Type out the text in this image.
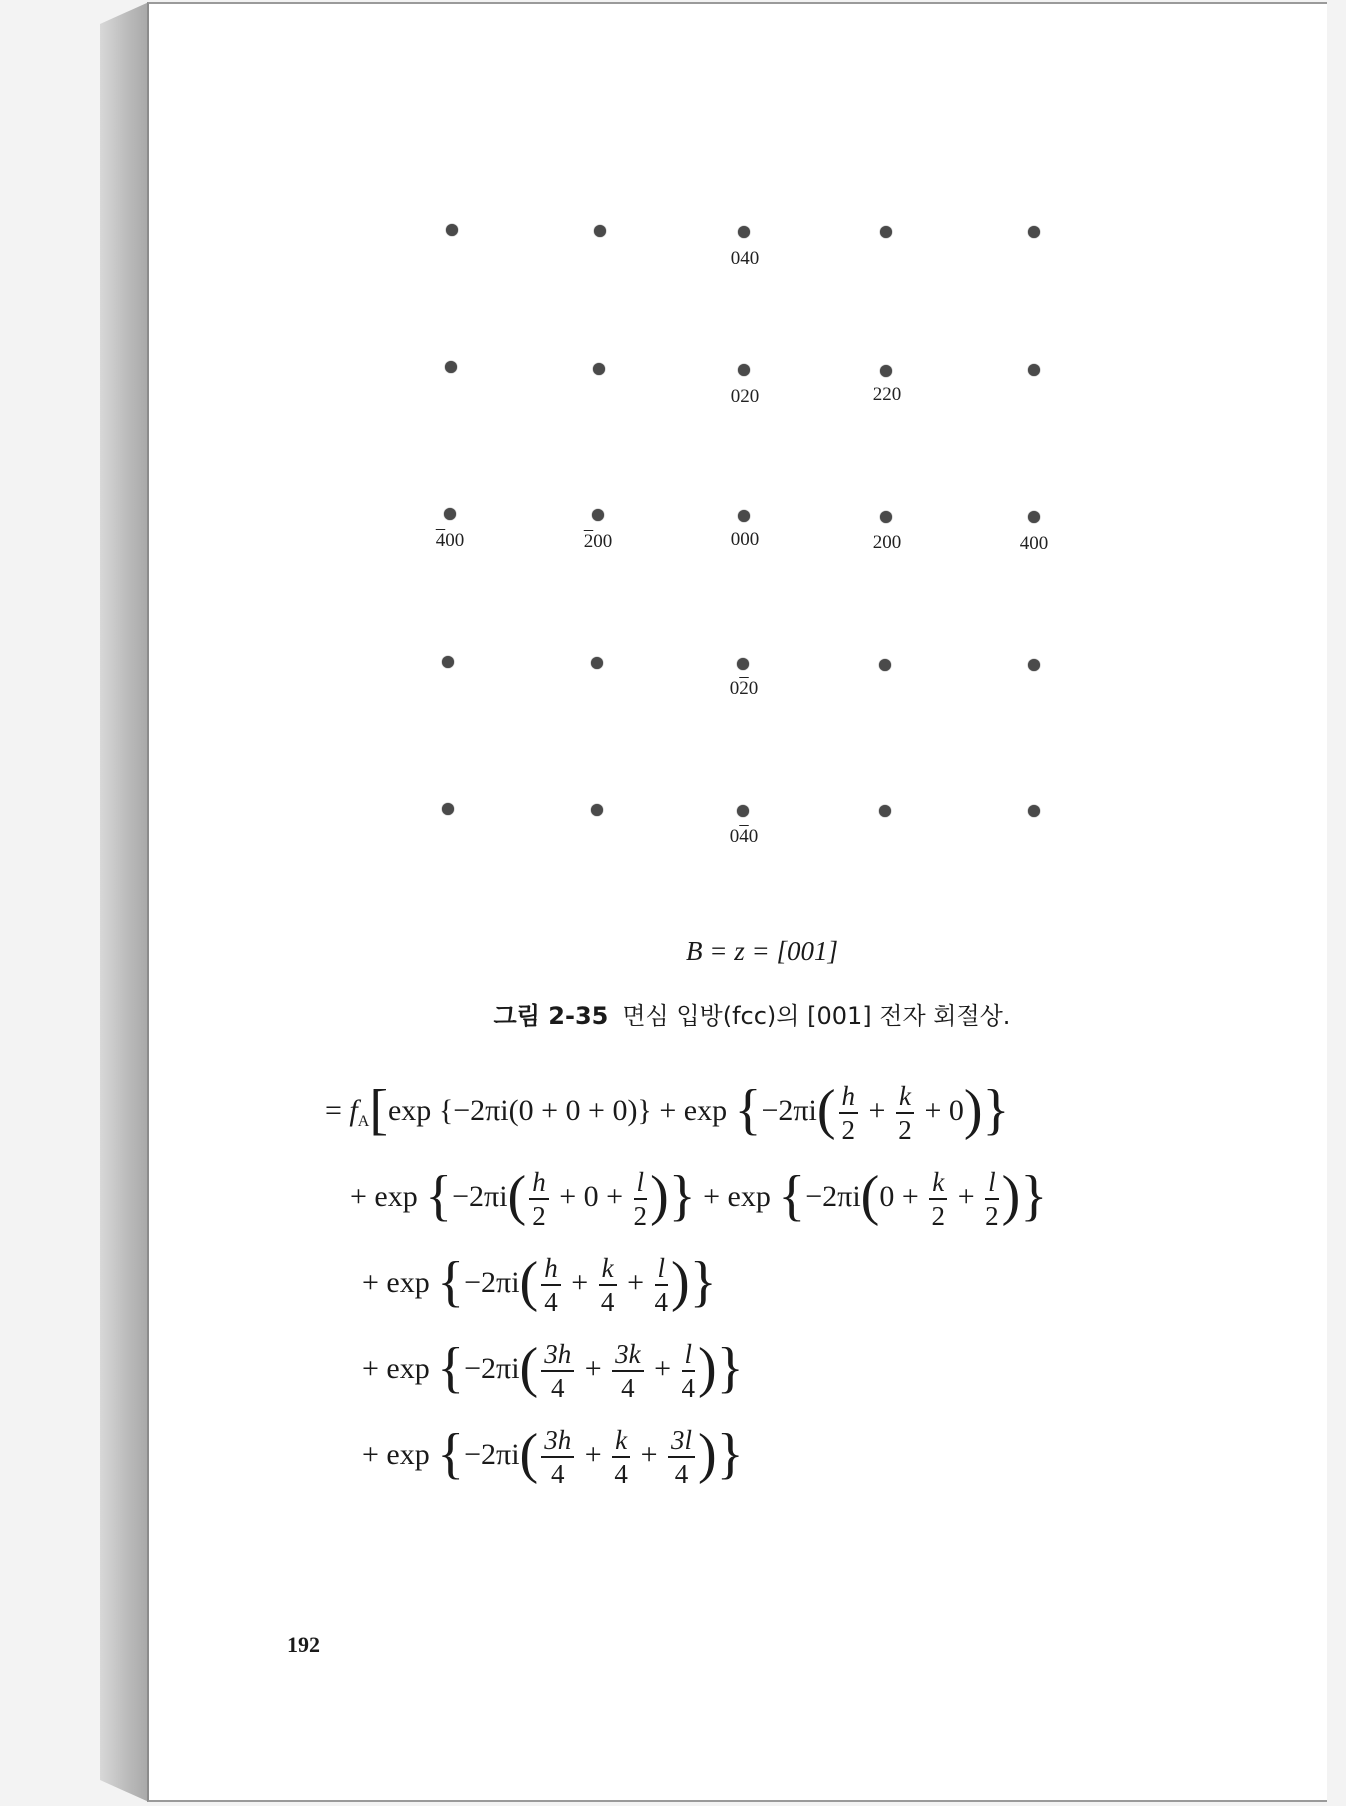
040
020	220
400	200	000	200	400
020
040
B = z = [001]
그림 2-35 면심 입방(fcc)의 [001] 전자 회절상.
= $f_A[\exp$ $\{-2\pi i(0 + 0 + 0)\} + \exp \{-2\pi i( \frac{h}{2} + \frac{k}{2} + 0)\}$
+ $\exp \{-2\pi i( \frac{h}{2} + 0 + \frac{l}{2}$ )} + $\exp \{-2\pi i(0 + \frac{k}{2} + \frac{l}{2}$ )}
+ $\exp \{-2\pi i( \frac{h}{4} + \frac{k}{4} + \frac{l}{4}$ )}
+ $\exp \{-2\pi i( \frac{3h}{4} + \frac{3k}{4} + \frac{l}{4}$ )}
+ $\exp \{-2\pi i( \frac{3h}{4} + \frac{k}{4} + \frac{3l}{4}$ )}
192
